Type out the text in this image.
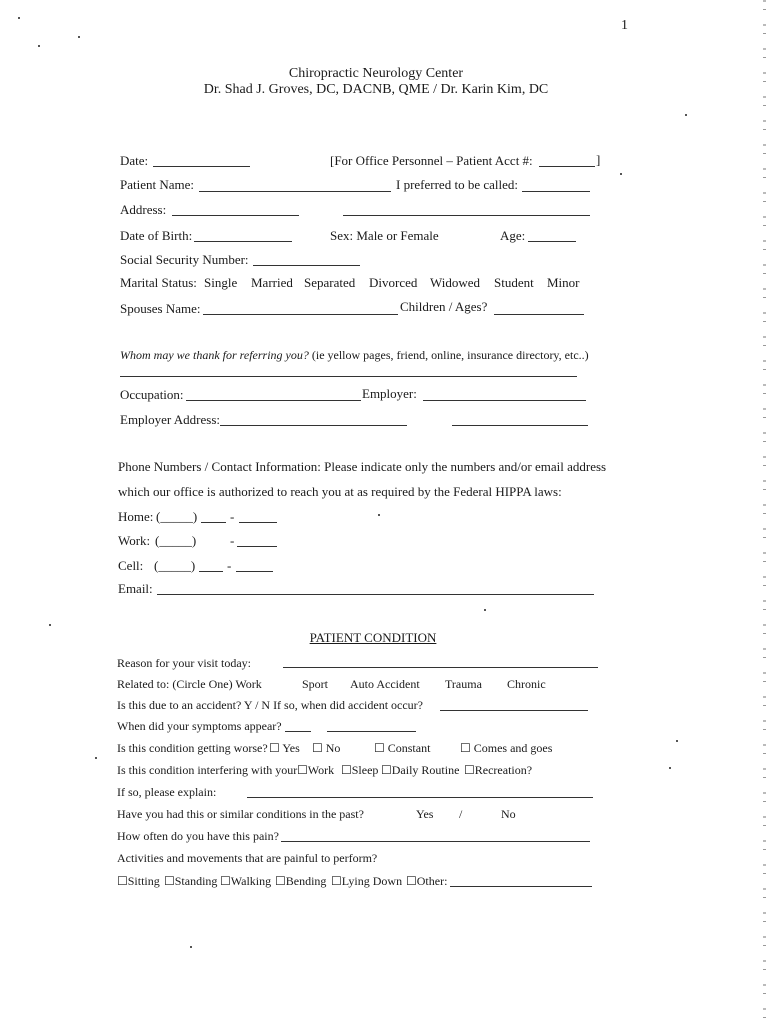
1
Chiropractic Neurology Center
Dr. Shad J. Groves, DC, DACNB, QME / Dr. Karin Kim, DC
Date:	[For Office Personnel – Patient Acct #:	]
Patient Name:	I preferred to be called:
Address:
Date of Birth:	Sex: Male or Female	Age:
Social Security Number:
Marital Status: Single Married Separated Divorced Widowed Student Minor
Spouses Name:	Children / Ages?
Whom may we thank for referring you? (ie yellow pages, friend, online, insurance directory, etc..)
Occupation:	Employer:
Employer Address:
Phone Numbers / Contact Information: Please indicate only the numbers and/or email address
which our office is authorized to reach you at as required by the Federal HIPPA laws:
Home: (_____)	-
Work: (_____)	-
Cell: (_____) -
Email:
PATIENT CONDITION
Reason for your visit today:
Related to: (Circle One) Work	Sport Auto Accident Trauma Chronic
Is this due to an accident? Y / N If so, when did accident occur?
When did your symptoms appear?
Is this condition getting worse? ☐ Yes ☐ No	☐ Constant ☐ Comes and goes
Is this condition interfering with your ☐Work ☐Sleep ☐Daily Routine ☐Recreation?
If so, please explain:
Have you had this or similar conditions in the past?	Yes /	No
How often do you have this pain?
Activities and movements that are painful to perform?
☐Sitting ☐Standing ☐Walking ☐Bending ☐Lying Down ☐Other:
